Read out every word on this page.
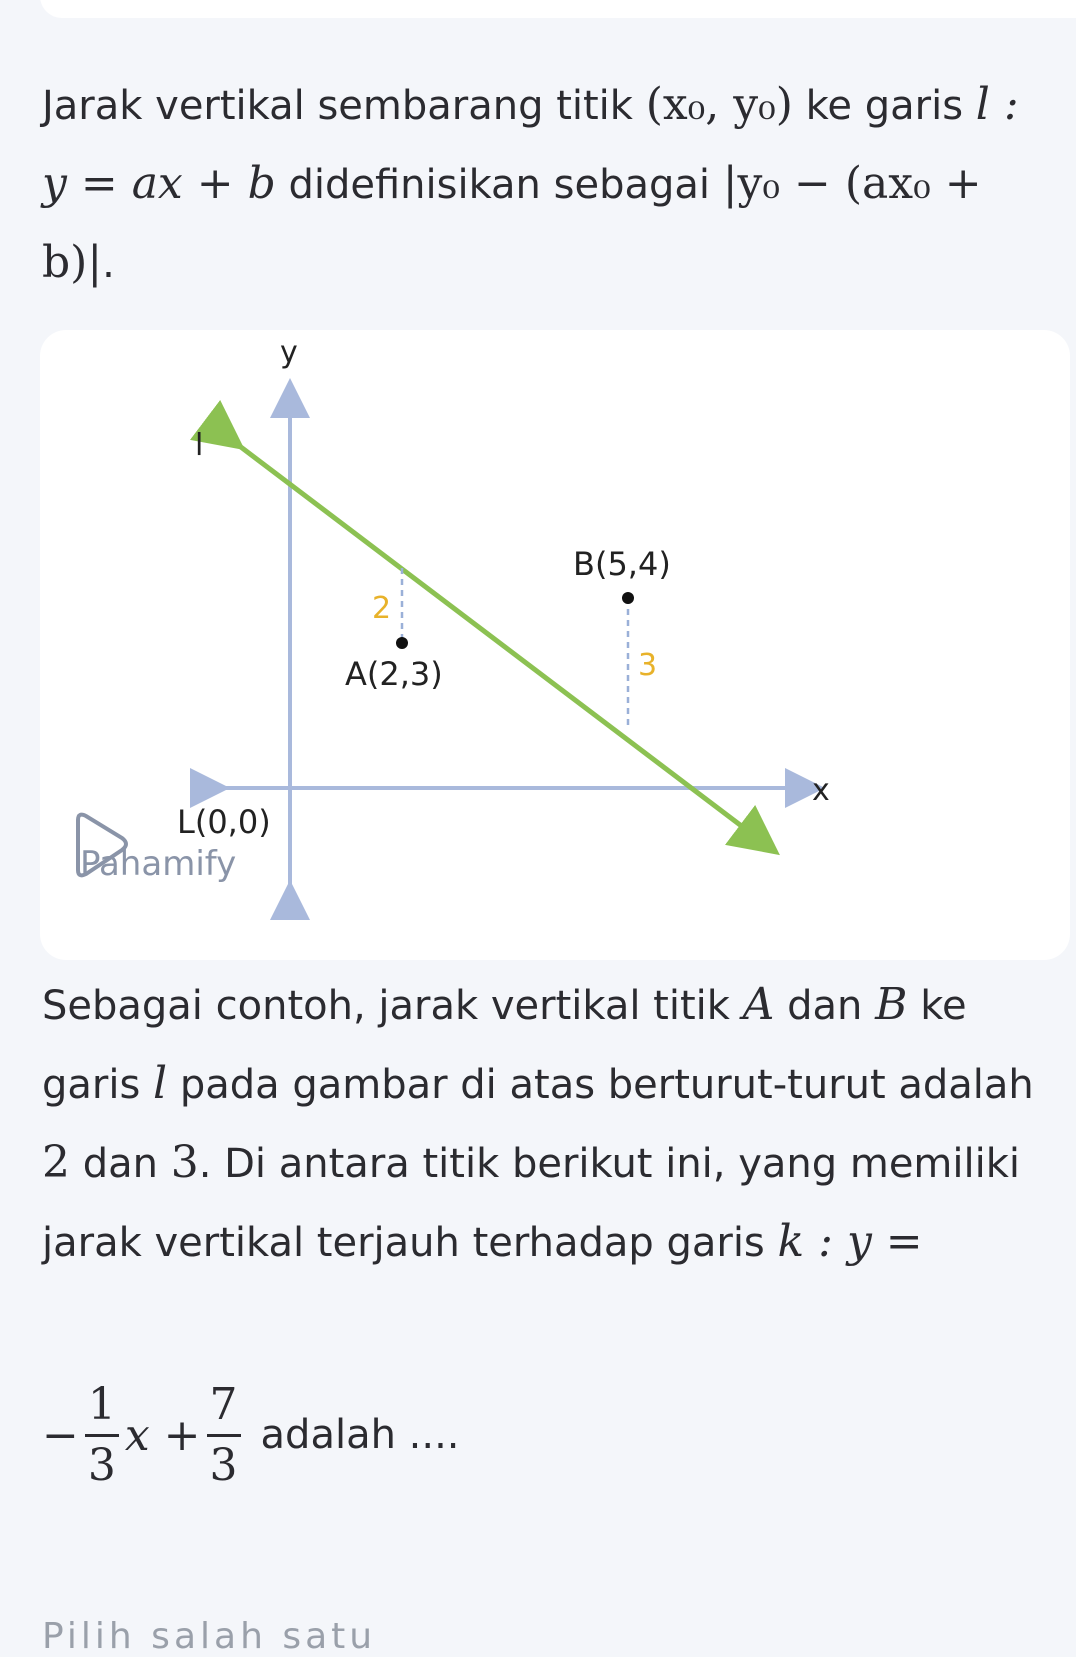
Jarak vertikal sembarang titik (x₀, y₀) ke garis l : y = ax + b didefinisikan sebagai |y₀ − (ax₀ + b)|.
y
x
l
A(2,3)
B(5,4)
L(0,0)
2
3
Pahamify
Sebagai contoh, jarak vertikal titik A dan B ke garis l pada gambar di atas berturut-turut adalah 2 dan 3. Di antara titik berikut ini, yang memiliki jarak vertikal terjauh terhadap garis k : y =
− $\frac{1}{3}$ $x + \frac{7}{3}$ adalah ....
Pilih salah satu
